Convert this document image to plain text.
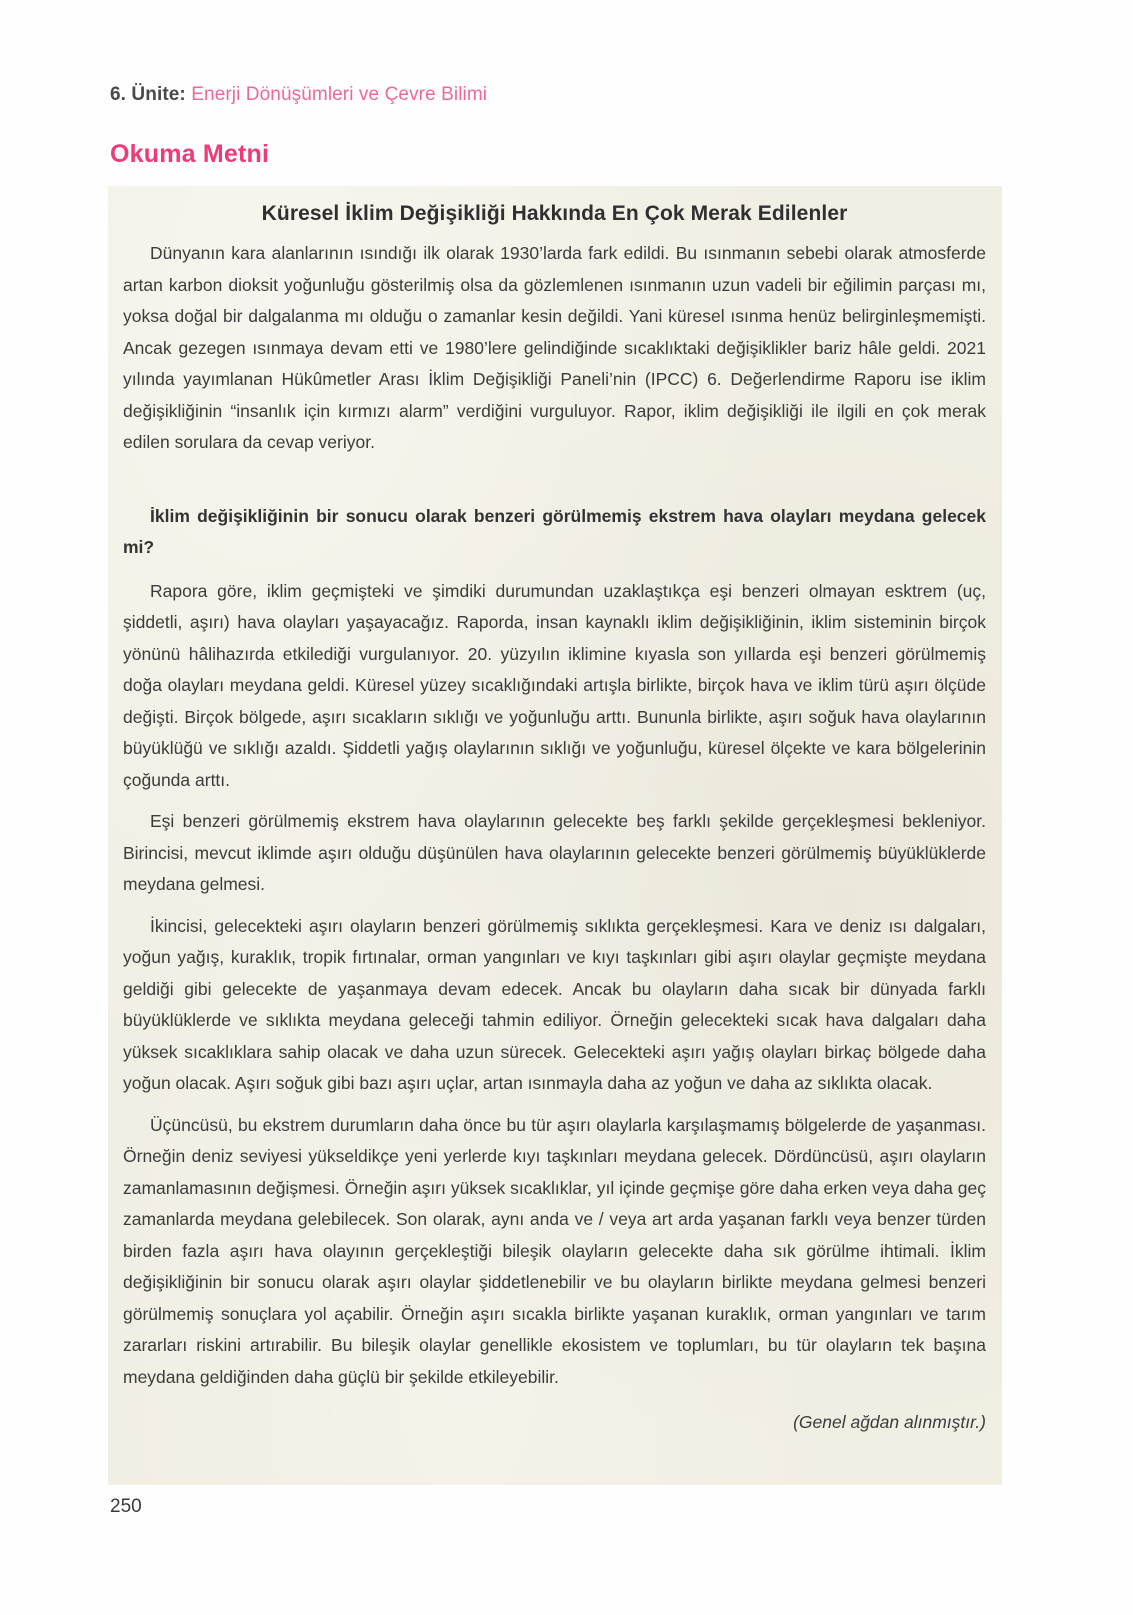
6. Ünite: Enerji Dönüşümleri ve Çevre Bilimi
Okuma Metni
Küresel İklim Değişikliği Hakkında En Çok Merak Edilenler

Dünyanın kara alanlarının ısındığı ilk olarak 1930’larda fark edildi. Bu ısınmanın sebebi olarak atmosferde artan karbon dioksit yoğunluğu gösterilmiş olsa da gözlemlenen ısınmanın uzun vadeli bir eğilimin parçası mı, yoksa doğal bir dalgalanma mı olduğu o zamanlar kesin değildi. Yani küresel ısınma henüz belirginleşmemişti. Ancak gezegen ısınmaya devam etti ve 1980’lere gelindiğinde sıcaklıktaki değişiklikler bariz hâle geldi. 2021 yılında yayımlanan Hükûmetler Arası İklim Değişikliği Paneli’nin (IPCC) 6. Değerlendirme Raporu ise iklim değişikliğinin “insanlık için kırmızı alarm” verdiğini vurguluyor. Rapor, iklim değişikliği ile ilgili en çok merak edilen sorulara da cevap veriyor.

İklim değişikliğinin bir sonucu olarak benzeri görülmemiş ekstrem hava olayları meydana gelecek mi?

Rapora göre, iklim geçmişteki ve şimdiki durumundan uzaklaştıkça eşi benzeri olmayan esktrem (uç, şiddetli, aşırı) hava olayları yaşayacağız. Raporda, insan kaynaklı iklim değişikliğinin, iklim sisteminin birçok yönünü hâlihazırda etkilediği vurgulanıyor. 20. yüzyılın iklimine kıyasla son yıllarda eşi benzeri görülmemiş doğa olayları meydana geldi. Küresel yüzey sıcaklığındaki artışla birlikte, birçok hava ve iklim türü aşırı ölçüde değişti. Birçok bölgede, aşırı sıcakların sıklığı ve yoğunluğu arttı. Bununla birlikte, aşırı soğuk hava olaylarının büyüklüğü ve sıklığı azaldı. Şiddetli yağış olaylarının sıklığı ve yoğunluğu, küresel ölçekte ve kara bölgelerinin çoğunda arttı.

Eşi benzeri görülmemiş ekstrem hava olaylarının gelecekte beş farklı şekilde gerçekleşmesi bekleniyor. Birincisi, mevcut iklimde aşırı olduğu düşünülen hava olaylarının gelecekte benzeri görülmemiş büyüklüklerde meydana gelmesi.

İkincisi, gelecekteki aşırı olayların benzeri görülmemiş sıklıkta gerçekleşmesi. Kara ve deniz ısı dalgaları, yoğun yağış, kuraklık, tropik fırtınalar, orman yangınları ve kıyı taşkınları gibi aşırı olaylar geçmişte meydana geldiği gibi gelecekte de yaşanmaya devam edecek. Ancak bu olayların daha sıcak bir dünyada farklı büyüklüklerde ve sıklıkta meydana geleceği tahmin ediliyor. Örneğin gelecekteki sıcak hava dalgaları daha yüksek sıcaklıklara sahip olacak ve daha uzun sürecek. Gelecekteki aşırı yağış olayları birkaç bölgede daha yoğun olacak. Aşırı soğuk gibi bazı aşırı uçlar, artan ısınmayla daha az yoğun ve daha az sıklıkta olacak.

Üçüncüsü, bu ekstrem durumların daha önce bu tür aşırı olaylarla karşılaşmamış bölgelerde de yaşanması. Örneğin deniz seviyesi yükseldikçe yeni yerlerde kıyı taşkınları meydana gelecek. Dördüncüsü, aşırı olayların zamanlamasının değişmesi. Örneğin aşırı yüksek sıcaklıklar, yıl içinde geçmişe göre daha erken veya daha geç zamanlarda meydana gelebilecek. Son olarak, aynı anda ve / veya art arda yaşanan farklı veya benzer türden birden fazla aşırı hava olayının gerçekleştiği bileşik olayların gelecekte daha sık görülme ihtimali. İklim değişikliğinin bir sonucu olarak aşırı olaylar şiddetlenebilir ve bu olayların birlikte meydana gelmesi benzeri görülmemiş sonuçlara yol açabilir. Örneğin aşırı sıcakla birlikte yaşanan kuraklık, orman yangınları ve tarım zararları riskini artırabilir. Bu bileşik olaylar genellikle ekosistem ve toplumları, bu tür olayların tek başına meydana geldiğinden daha güçlü bir şekilde etkileyebilir.

(Genel ağdan alınmıştır.)

250
